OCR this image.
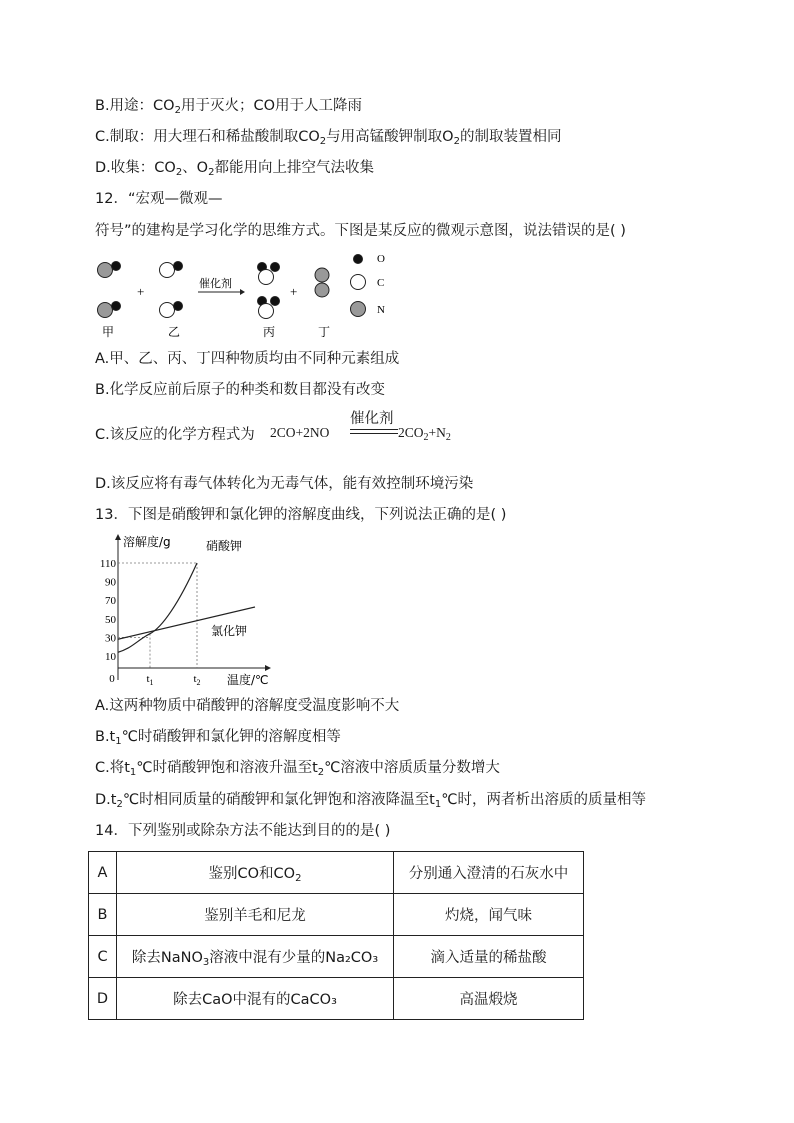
B.用途：$CO_2$用于灭火；CO用于人工降雨
C.制取：用大理石和稀盐酸制取$CO_2$与用高锰酸钾制取$O_2$的制取装置相同
D.收集：$CO_2$、$O_2$都能用向上排空气法收集
12．“宏观—微观—
符号”的建构是学习化学的思维方式。下图是某反应的微观示意图，说法错误的是( )
+	+
催化剂
O
C
N
甲	乙	丙	丁
A.甲、乙、丙、丁四种物质均由不同种元素组成
B.化学反应前后原子的种类和数目都没有改变
C.该反应的化学方程式为 2CO+2NO
催化剂
$2CO_2+N_2$
D.该反应将有毒气体转化为无毒气体，能有效控制环境污染
13．下图是硝酸钾和氯化钾的溶解度曲线，下列说法正确的是( )
溶解度/g
温度/℃
110
90
70
50
30
10
0	$t_1$	$t_2$
硝酸钾
氯化钾
A.这两种物质中硝酸钾的溶解度受温度影响不大
$B.t_1℃$时硝酸钾和氯化钾的溶解度相等
C.将$t_1℃$时硝酸钾饱和溶液升温至$t_2℃$溶液中溶质质量分数增大
$D.t_2℃$时相同质量的硝酸钾和氯化钾饱和溶液降温至$t_1℃$时，两者析出溶质的质量相等
14．下列鉴别或除杂方法不能达到目的的是( )
A	鉴别CO和$CO_2$	分别通入澄清的石灰水中
B	鉴别羊毛和尼龙	灼烧，闻气味
C	除去NaNO$_3$溶液中混有少量的Na₂CO₃	滴入适量的稀盐酸
D	除去CaO中混有的CaCO₃	高温煅烧
